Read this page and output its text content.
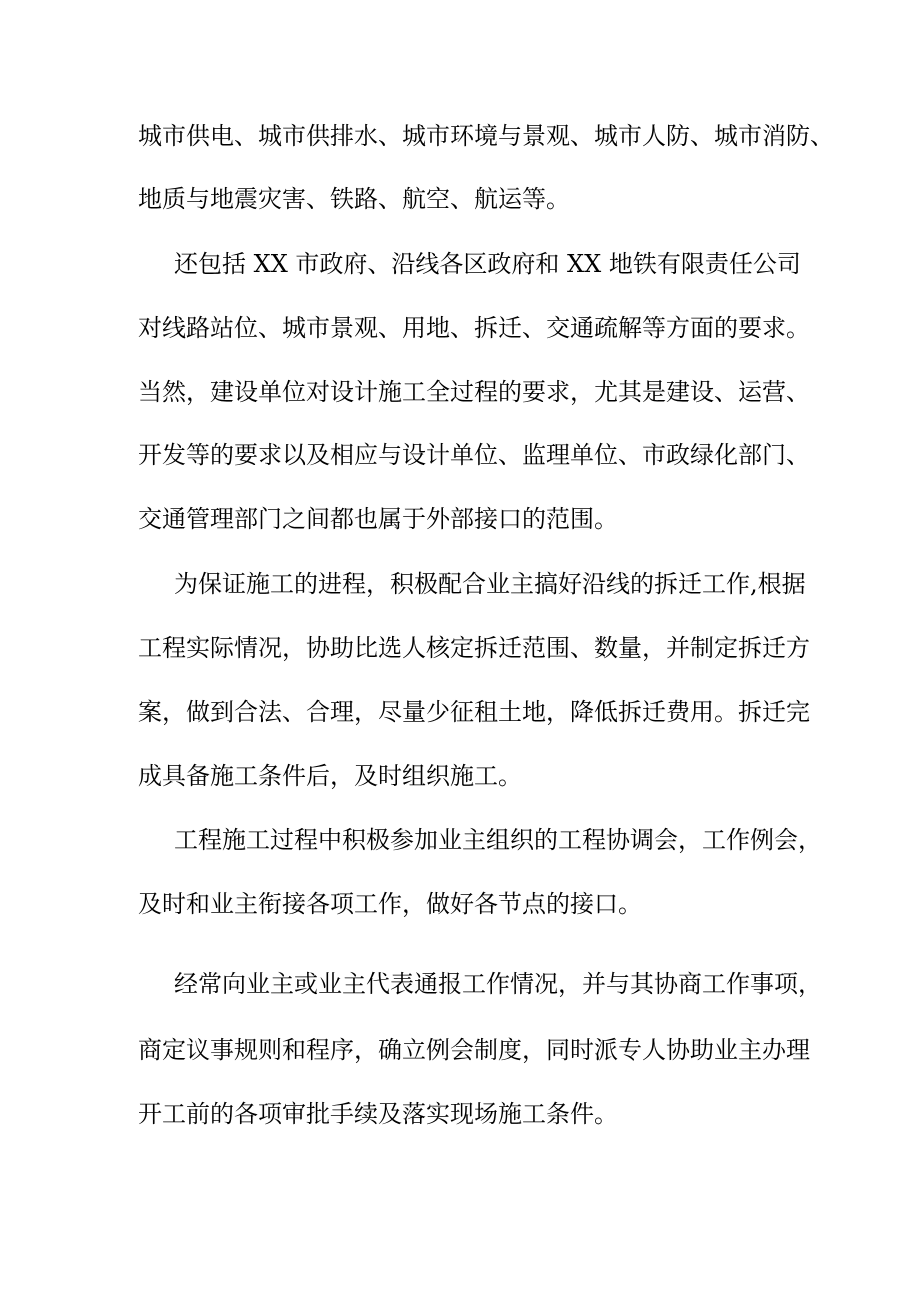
城市供电、城市供排水、城市环境与景观、城市人防、城市消防、
地质与地震灾害、铁路、航空、航运等。
还包括 XX 市政府、沿线各区政府和 XX 地铁有限责任公司
对线路站位、城市景观、用地、拆迁、交通疏解等方面的要求。
当然，建设单位对设计施工全过程的要求，尤其是建设、运营、
开发等的要求以及相应与设计单位、监理单位、市政绿化部门、
交通管理部门之间都也属于外部接口的范围。
为保证施工的进程，积极配合业主搞好沿线的拆迁工作,根据
工程实际情况，协助比选人核定拆迁范围、数量，并制定拆迁方
案，做到合法、合理，尽量少征租土地，降低拆迁费用。拆迁完
成具备施工条件后，及时组织施工。
工程施工过程中积极参加业主组织的工程协调会，工作例会，
及时和业主衔接各项工作，做好各节点的接口。
经常向业主或业主代表通报工作情况，并与其协商工作事项，
商定议事规则和程序，确立例会制度，同时派专人协助业主办理
开工前的各项审批手续及落实现场施工条件。
